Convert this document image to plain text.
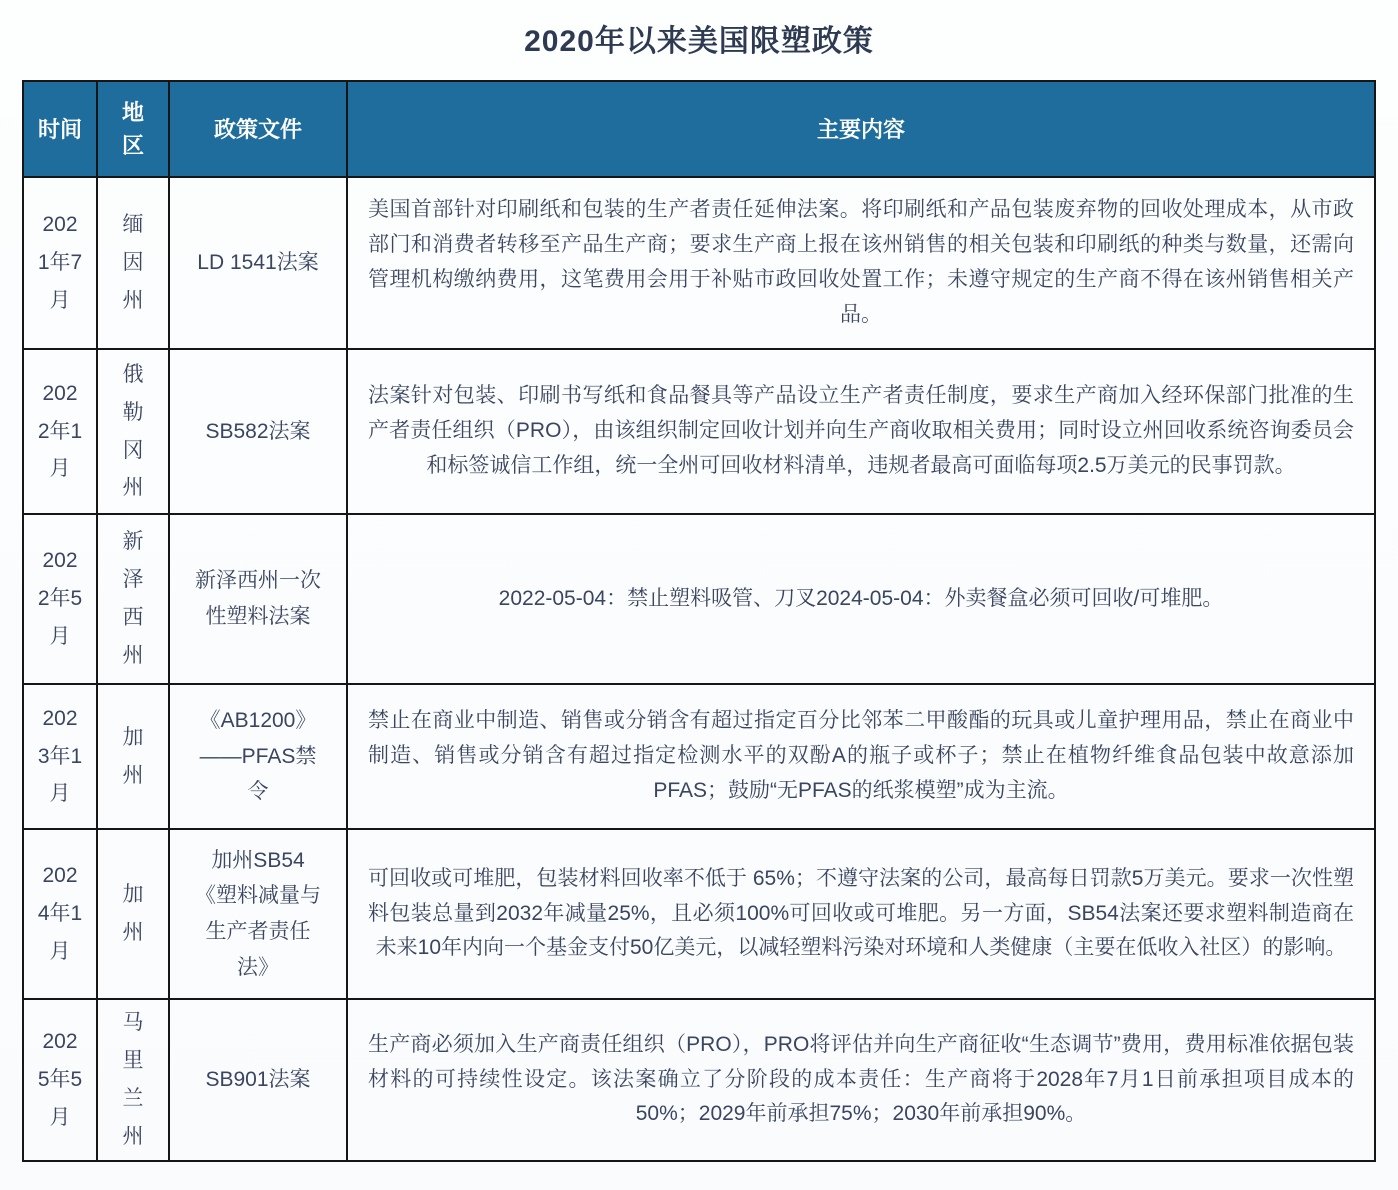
2020年以来美国限塑政策
时间	地区	政策文件	主要内容
2021年7月	缅因州	LD 1541法案	美国首部针对印刷纸和包装的生产者责任延伸法案。将印刷纸和产品包装废弃物的回收处理成本，从市政部门和消费者转移至产品生产商；要求生产商上报在该州销售的相关包装和印刷纸的种类与数量，还需向管理机构缴纳费用，这笔费用会用于补贴市政回收处置工作；未遵守规定的生产商不得在该州销售相关产品。
2022年1月	俄勒冈州	SB582法案	法案针对包装、印刷书写纸和食品餐具等产品设立生产者责任制度，要求生产商加入经环保部门批准的生产者责任组织（PRO），由该组织制定回收计划并向生产商收取相关费用；同时设立州回收系统咨询委员会和标签诚信工作组，统一全州可回收材料清单，违规者最高可面临每项2.5万美元的民事罚款。
2022年5月	新泽西州	新泽西州一次性塑料法案	2022-05-04：禁止塑料吸管、刀叉2024-05-04：外卖餐盒必须可回收/可堆肥。
2023年1月	加州	《AB1200》——PFAS禁令	禁止在商业中制造、销售或分销含有超过指定百分比邻苯二甲酸酯的玩具或儿童护理用品，禁止在商业中制造、销售或分销含有超过指定检测水平的双酚A的瓶子或杯子；禁止在植物纤维食品包装中故意添加PFAS；鼓励“无PFAS的纸浆模塑”成为主流。
2024年1月	加州	加州SB54《塑料减量与生产者责任法》	可回收或可堆肥，包装材料回收率不低于 65%；不遵守法案的公司，最高每日罚款5万美元。要求一次性塑料包装总量到2032年减量25%，且必须100%可回收或可堆肥。另一方面，SB54法案还要求塑料制造商在未来10年内向一个基金支付50亿美元，以减轻塑料污染对环境和人类健康（主要在低收入社区）的影响。
2025年5月	马里兰州	SB901法案	生产商必须加入生产商责任组织（PRO），PRO将评估并向生产商征收“生态调节”费用，费用标准依据包装材料的可持续性设定。该法案确立了分阶段的成本责任：生产商将于2028年7月1日前承担项目成本的50%；2029年前承担75%；2030年前承担90%。
